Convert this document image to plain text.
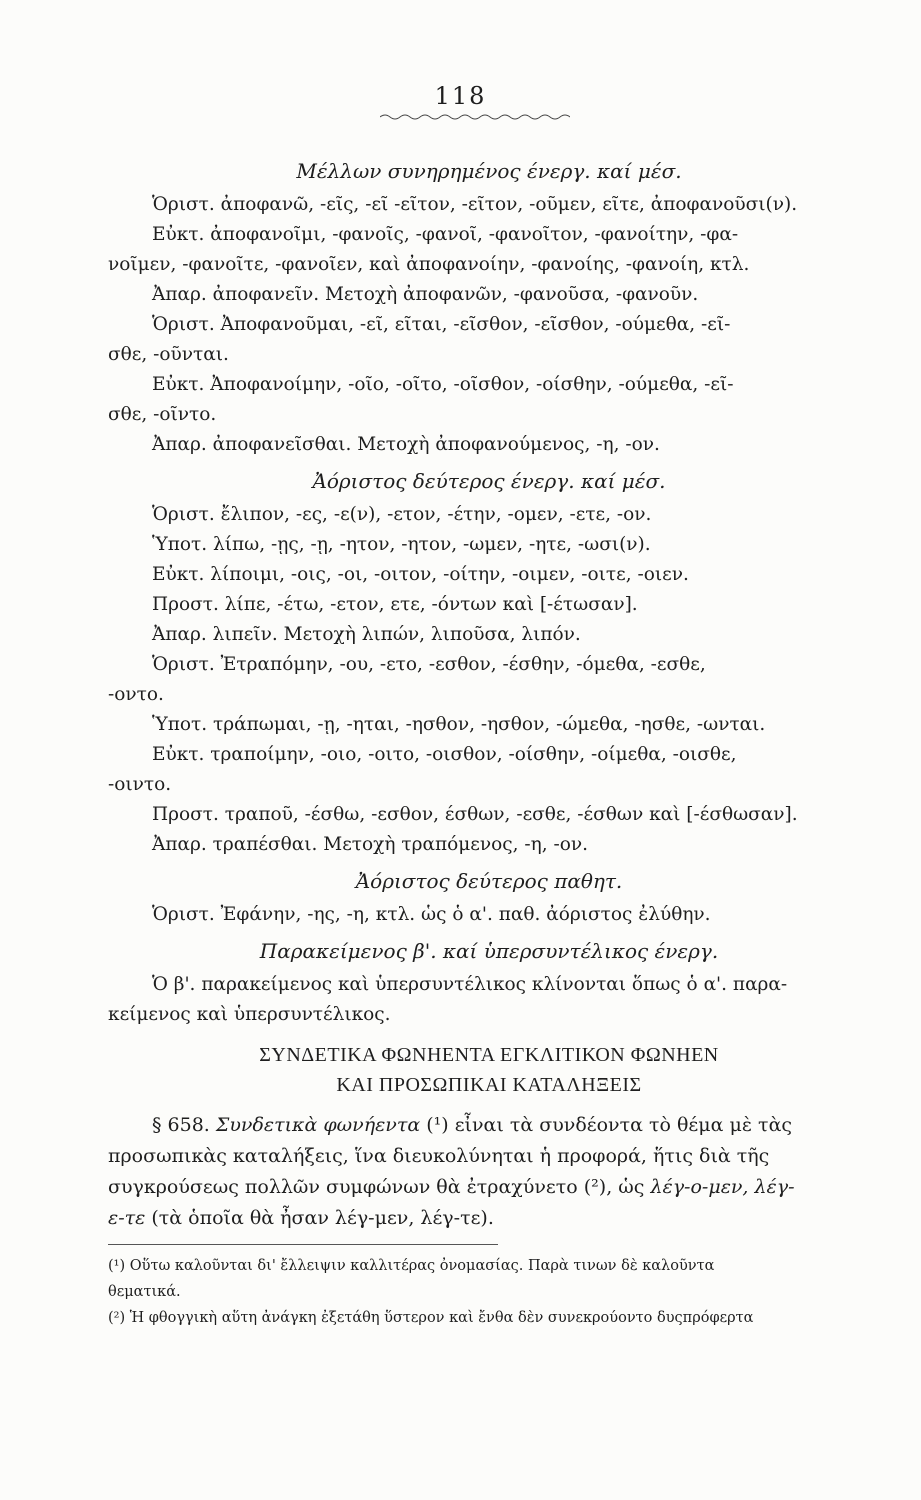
118
Μέλλων συνηρημένος ένεργ. καί μέσ.
Ὁριστ. ἀποφανῶ, -εῖς, -εῖ -εῖτον, -εῖτον, -οῦμεν, εῖτε, ἀποφανοῦσι(ν).
Εὐκτ. ἀποφανοῖμι, -φανοῖς, -φανοῖ, -φανοῖτον, -φανοίτην, -φα-
νοῖμεν, -φανοῖτε, -φανοῖεν, καὶ ἀποφανοίην, -φανοίης, -φανοίη, κτλ.
Ἀπαρ. ἀποφανεῖν. Μετοχὴ ἀποφανῶν, -φανοῦσα, -φανοῦν.
Ὁριστ. Ἀποφανοῦμαι, -εῖ, εῖται, -εῖσθον, -εῖσθον, -ούμεθα, -εῖ-
σθε, -οῦνται.
Εὐκτ. Ἀποφανοίμην, -οῖο, -οῖτο, -οῖσθον, -οίσθην, -ούμεθα, -εῖ-
σθε, -οῖντο.
Ἀπαρ. ἀποφανεῖσθαι. Μετοχὴ ἀποφανούμενος, -η, -ον.
Ἀόριστος δεύτερος ένεργ. καί μέσ.
Ὁριστ. ἔλιπον, -ες, -ε(ν), -ετον, -έτην, -ομεν, -ετε, -ον.
Ὑποτ. λίπω, -ῃς, -ῃ, -ητον, -ητον, -ωμεν, -ητε, -ωσι(ν).
Εὐκτ. λίποιμι, -οις, -οι, -οιτον, -οίτην, -οιμεν, -οιτε, -οιεν.
Προστ. λίπε, -έτω, -ετον, ετε, -όντων καὶ [-έτωσαν].
Ἀπαρ. λιπεῖν. Μετοχὴ λιπών, λιποῦσα, λιπόν.
Ὁριστ. Ἐτραπόμην, -ου, -ετο, -εσθον, -έσθην, -όμεθα, -εσθε,
-οντο.
Ὑποτ. τράπωμαι, -ῃ, -ηται, -ησθον, -ησθον, -ώμεθα, -ησθε, -ωνται.
Εὐκτ. τραποίμην, -οιο, -οιτο, -οισθον, -οίσθην, -οίμεθα, -οισθε,
-οιντο.
Προστ. τραποῦ, -έσθω, -εσθον, έσθων, -εσθε, -έσθων καὶ [-έσθωσαν].
Ἀπαρ. τραπέσθαι. Μετοχὴ τραπόμενος, -η, -ον.
Ἀόριστος δεύτερος παθητ.
Ὁριστ. Ἐφάνην, -ης, -η, κτλ. ὡς ὁ α'. παθ. ἀόριστος ἐλύθην.
Παρακείμενος β'. καί ὑπερσυντέλικος ένεργ.
Ὁ β'. παρακείμενος καὶ ὑπερσυντέλικος κλίνονται ὅπως ὁ α'. παρα-
κείμενος καὶ ὑπερσυντέλικος.
ΣΥΝΔΕΤΙΚΑ ΦΩΝΗΕΝΤΑ ΕΓΚΛΙΤΙΚΟΝ ΦΩΝΗΕΝ
ΚΑΙ ΠΡΟΣΩΠΙΚΑΙ ΚΑΤΑΛΗΞΕΙΣ
§ 658. Συνδετικὰ φωνήεντα (¹) εἶναι τὰ συνδέοντα τὸ θέμα μὲ τὰς
προσωπικὰς καταλήξεις, ἵνα διευκολύνηται ἡ προφορά, ἥτις διὰ τῆς
συγκρούσεως πολλῶν συμφώνων θὰ ἐτραχύνετο (²), ὡς λέγ-ο-μεν, λέγ-
ε-τε (τὰ ὁποῖα θὰ ἦσαν λέγ-μεν, λέγ-τε).
(¹) Οὕτω καλοῦνται δι' ἔλλειψιν καλλιτέρας ὀνομασίας. Παρὰ τινων δὲ καλοῦντα
θεματικά.
(²) Ἡ φθογγικὴ αὕτη ἀνάγκη ἐξετάθη ὕστερον καὶ ἔνθα δὲν συνεκρούοντο δυςπρόφερτα
